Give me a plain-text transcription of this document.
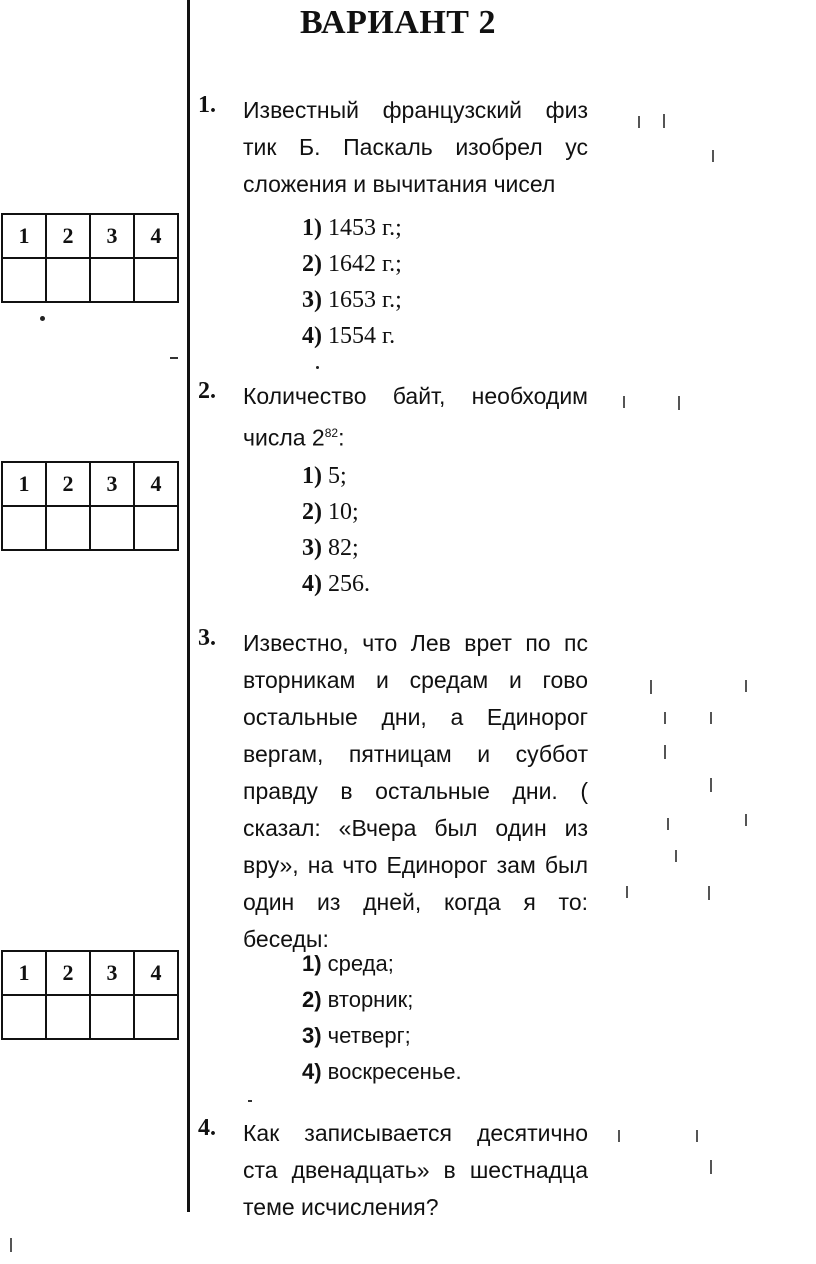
ВАРИАНТ 2
1	2	3	4

1	2	3	4

1	2	3	4

1. Известный французский физ тик Б. Паскаль изобрел ус сложения и вычитания чисел
1) 1453 г.;
2) 1642 г.;
3) 1653 г.;
4) 1554 г.
2. Количество байт, необходим числа $2^{82}$:
1) 5;
2) 10;
3) 82;
4) 256.
3. Известно, что Лев врет по пс вторникам и средам и гово остальные дни, а Единорог вергам, пятницам и суббот правду в остальные дни. ( сказал: «Вчера был один из вру», на что Единорог зам был один из дней, когда я то: беседы:
1) среда;
2) вторник;
3) четверг;
4) воскресенье.
4. Как записывается десятично ста двенадцать» в шестнадца теме исчисления?
